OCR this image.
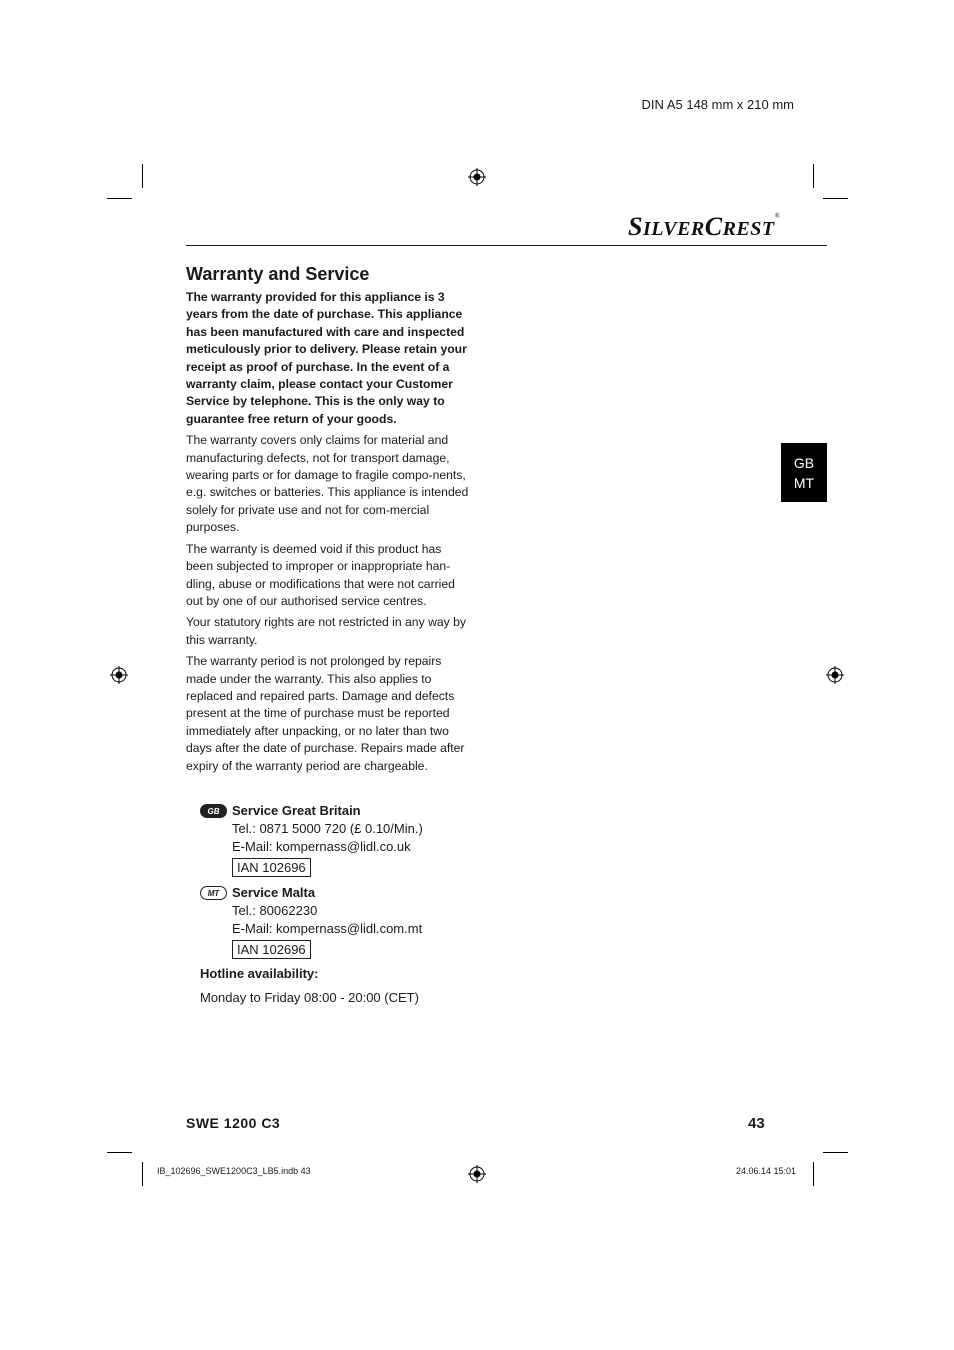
DIN A5 148 mm x 210 mm
SILVERCREST®
Warranty and Service

The warranty provided for this appliance is 3 years from the date of purchase. This appliance has been manufactured with care and inspected meticulously prior to delivery. Please retain your receipt as proof of purchase. In the event of a warranty claim, please contact your Customer Service by telephone. This is the only way to guarantee free return of your goods.

The warranty covers only claims for material and manufacturing defects, not for transport damage, wearing parts or for damage to fragile compo-nents, e.g. switches or batteries. This appliance is intended solely for private use and not for com-mercial purposes.

The warranty is deemed void if this product has been subjected to improper or inappropriate han-dling, abuse or modifications that were not carried out by one of our authorised service centres.

Your statutory rights are not restricted in any way by this warranty.

The warranty period is not prolonged by repairs made under the warranty. This also applies to replaced and repaired parts. Damage and defects present at the time of purchase must be reported immediately after unpacking, or no later than two days after the date of purchase. Repairs made after expiry of the warranty period are chargeable.

GB
MT
GB Service Great Britain
Tel.: 0871 5000 720 (£ 0.10/Min.)
E-Mail: kompernass@lidl.co.uk
IAN 102696
MT Service Malta
Tel.: 80062230
E-Mail: kompernass@lidl.com.mt
IAN 102696
Hotline availability:
Monday to Friday 08:00 - 20:00 (CET)
SWE 1200 C3	43
IB_102696_SWE1200C3_LB5.indb 43	24.06.14 15:01
